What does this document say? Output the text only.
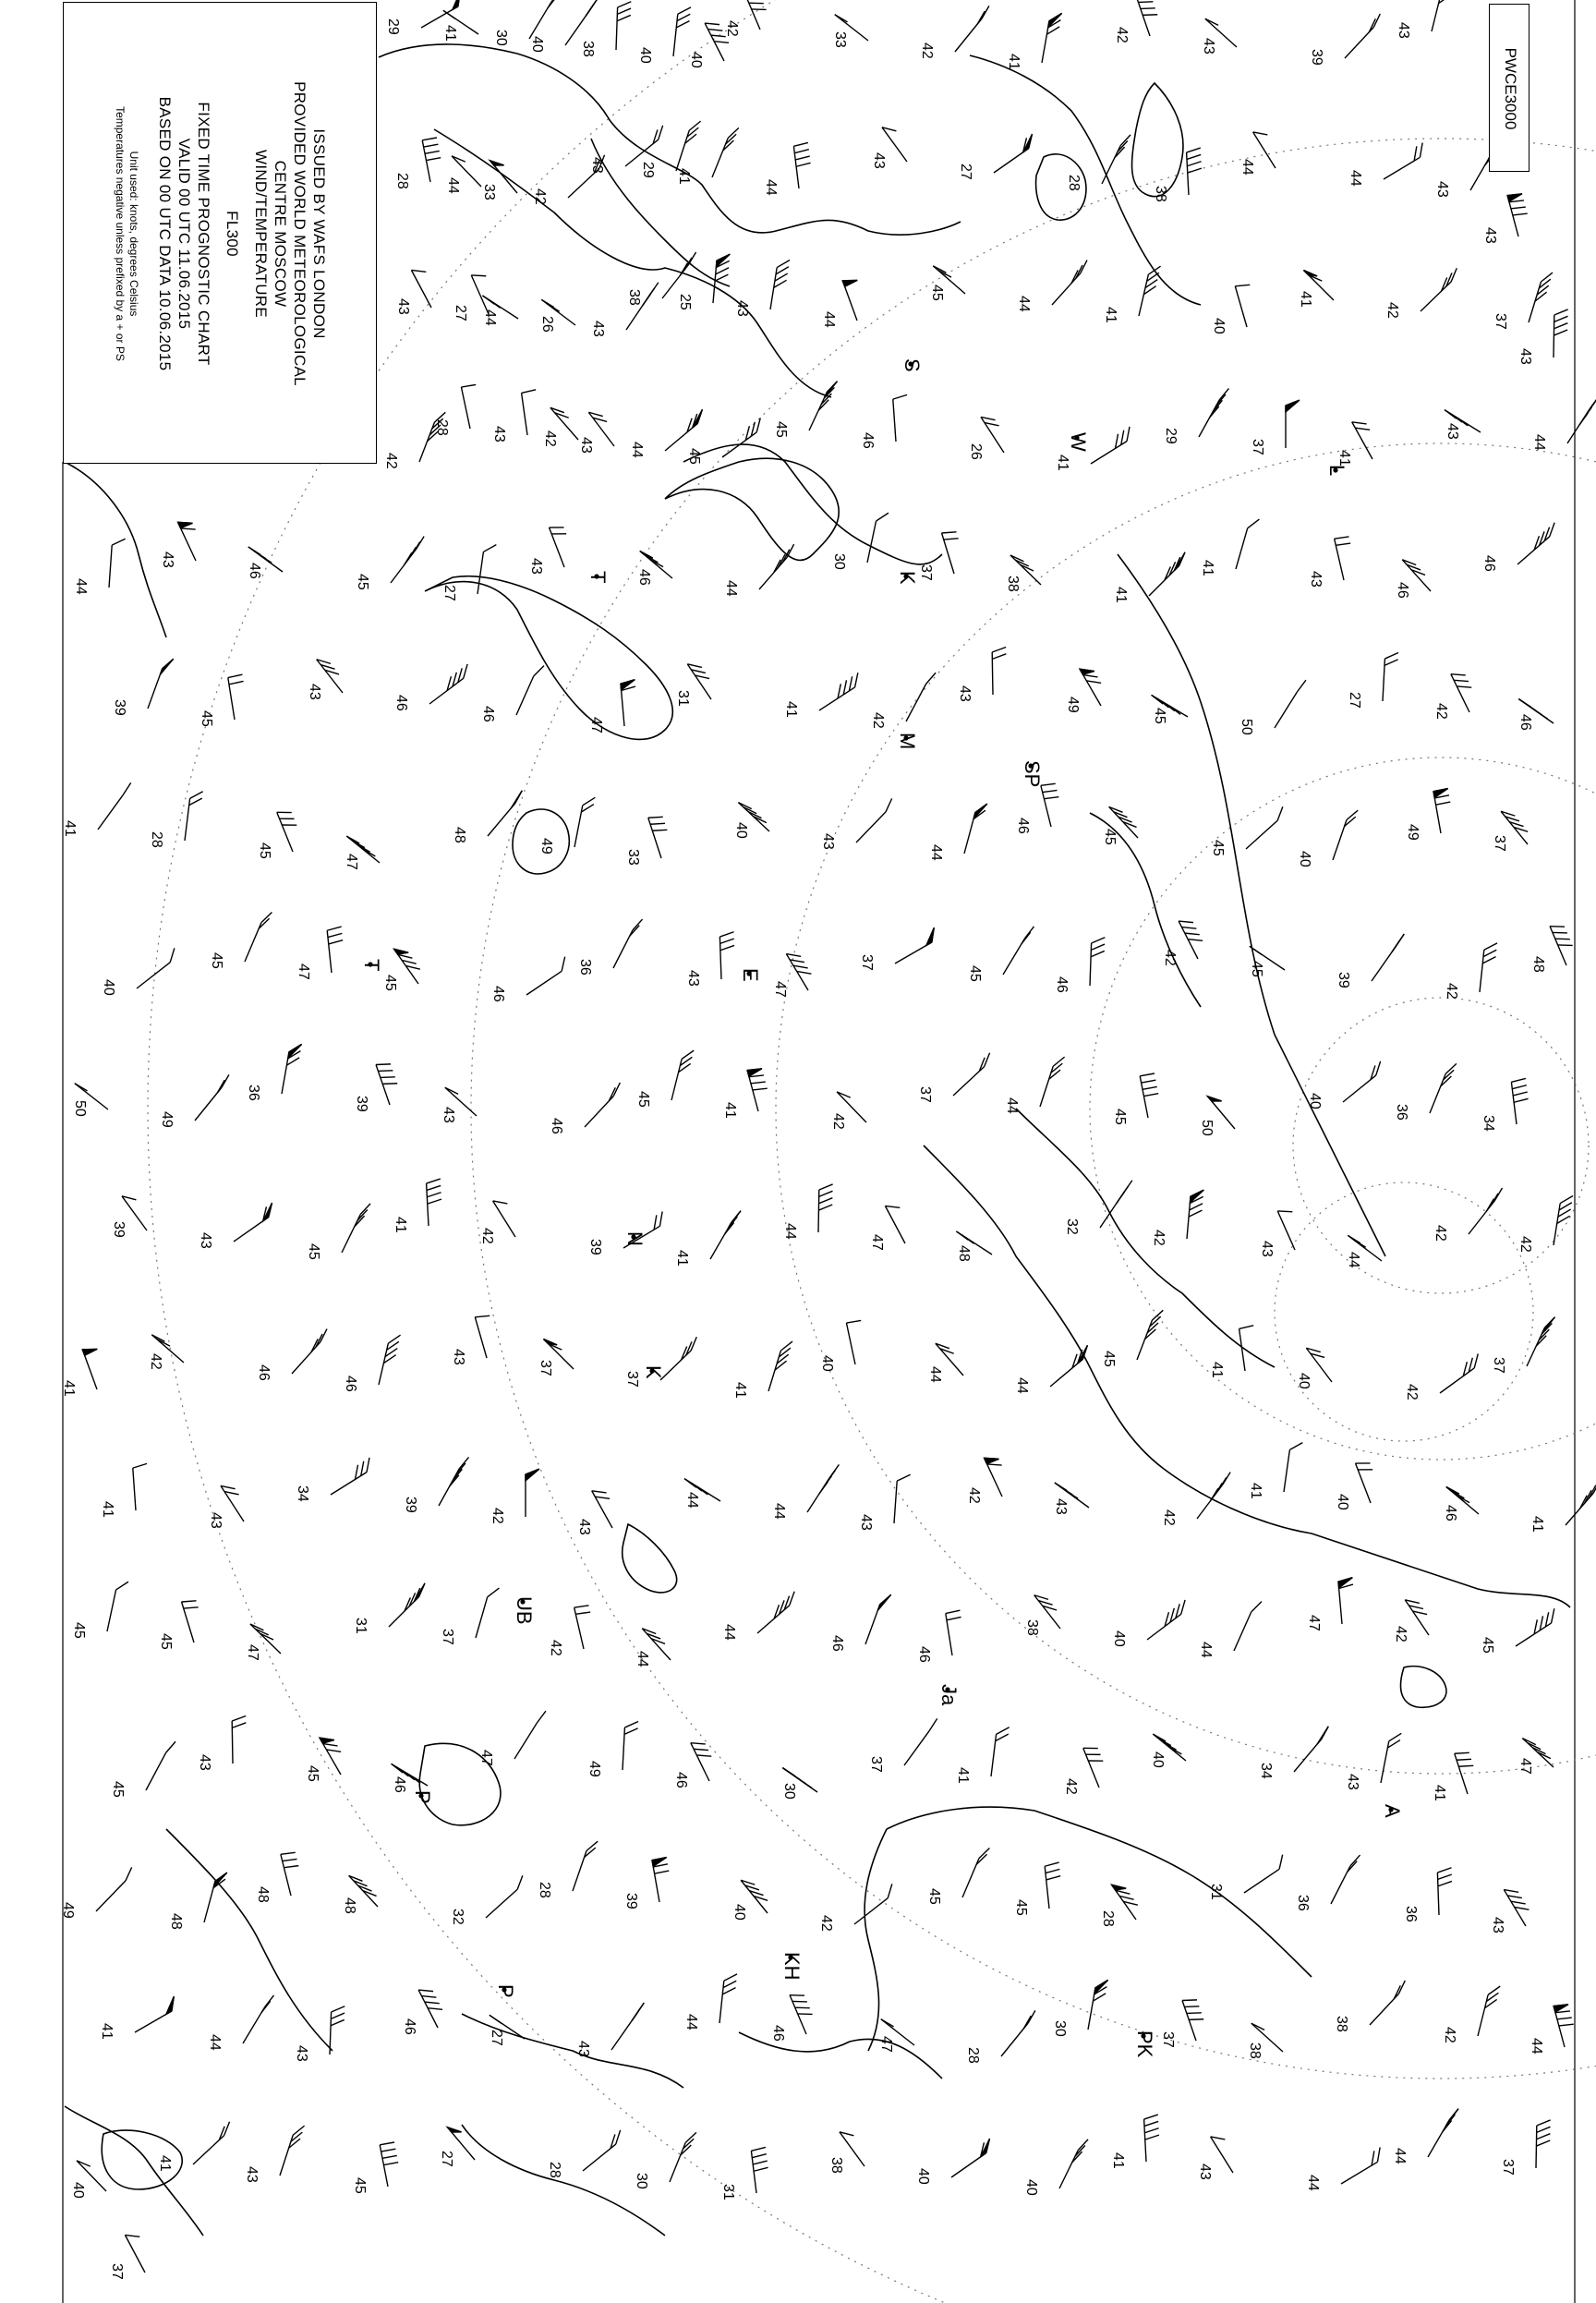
ISSUED BY WAFS LONDON
PROVIDED WORLD METEOROLOGICAL
CENTRE MOSCOW
WIND/TEMPERATURE
FL300
FIXED TIME PROGNOSTIC CHART
VALID 00 UTC 11.06.2015
BASED ON 00 UTC DATA 10.06.2015
Unit used: knots, degrees Celsius
Temperatures negative unless prefixed by a + or PS
PWCE3000
S
W
L
K
M
SP
T
T
E
N
K
UB
Ja
P
P
KH
PK
A
29
30
38
40
41
40
40
42
33
42
41
42
43
39
43
43
44
42
29
28
33
43
41
44
43
27
28
38
44
44
43
43
43
44
43
25
27
26
38
43
44
45
44
41
40
41
42
37
28
42
44
42
43
43
45
45
46
26
41
29
37
41
43
44
44
43
46
45
27
43
46
44
30
37
38
41
41
43
46
46
39
45
43
46
46
47
31
41
42
43
49
45
50
27
42
46
41
28
45
47
48
49
33
40
43
44
46
45
45
40
49
37
40
45
47
45
46
36
43
47
37
45
46
42
45
39
42
48
50
49
36
39
43
46
45
41
42
37
44
45
50
40
36
34
39
43
45
41
42
39
41
44
47
48
32
42
43
44
42
42
41
42
46
46
43
37
37
41
40
44
44
45
41
40
42
37
41
43
34
39
42
43
44
44
43
42
43
42
41
40
46
41
45
45
47
31
37
42
44
44
46
46
38
40
44
47
42
45
45
43
45
46
47
49
46
30
37
41
42
40
34
43
41
47
49
48
48
48
32
28
39
40
42
45
45
28
31
36
36
43
41
44
43
46
27
43
44
46
47
28
30
37
38
38
42
44
40
41
43
45
27
28
30
31
38
40
40
41
43
44
44
37
37
